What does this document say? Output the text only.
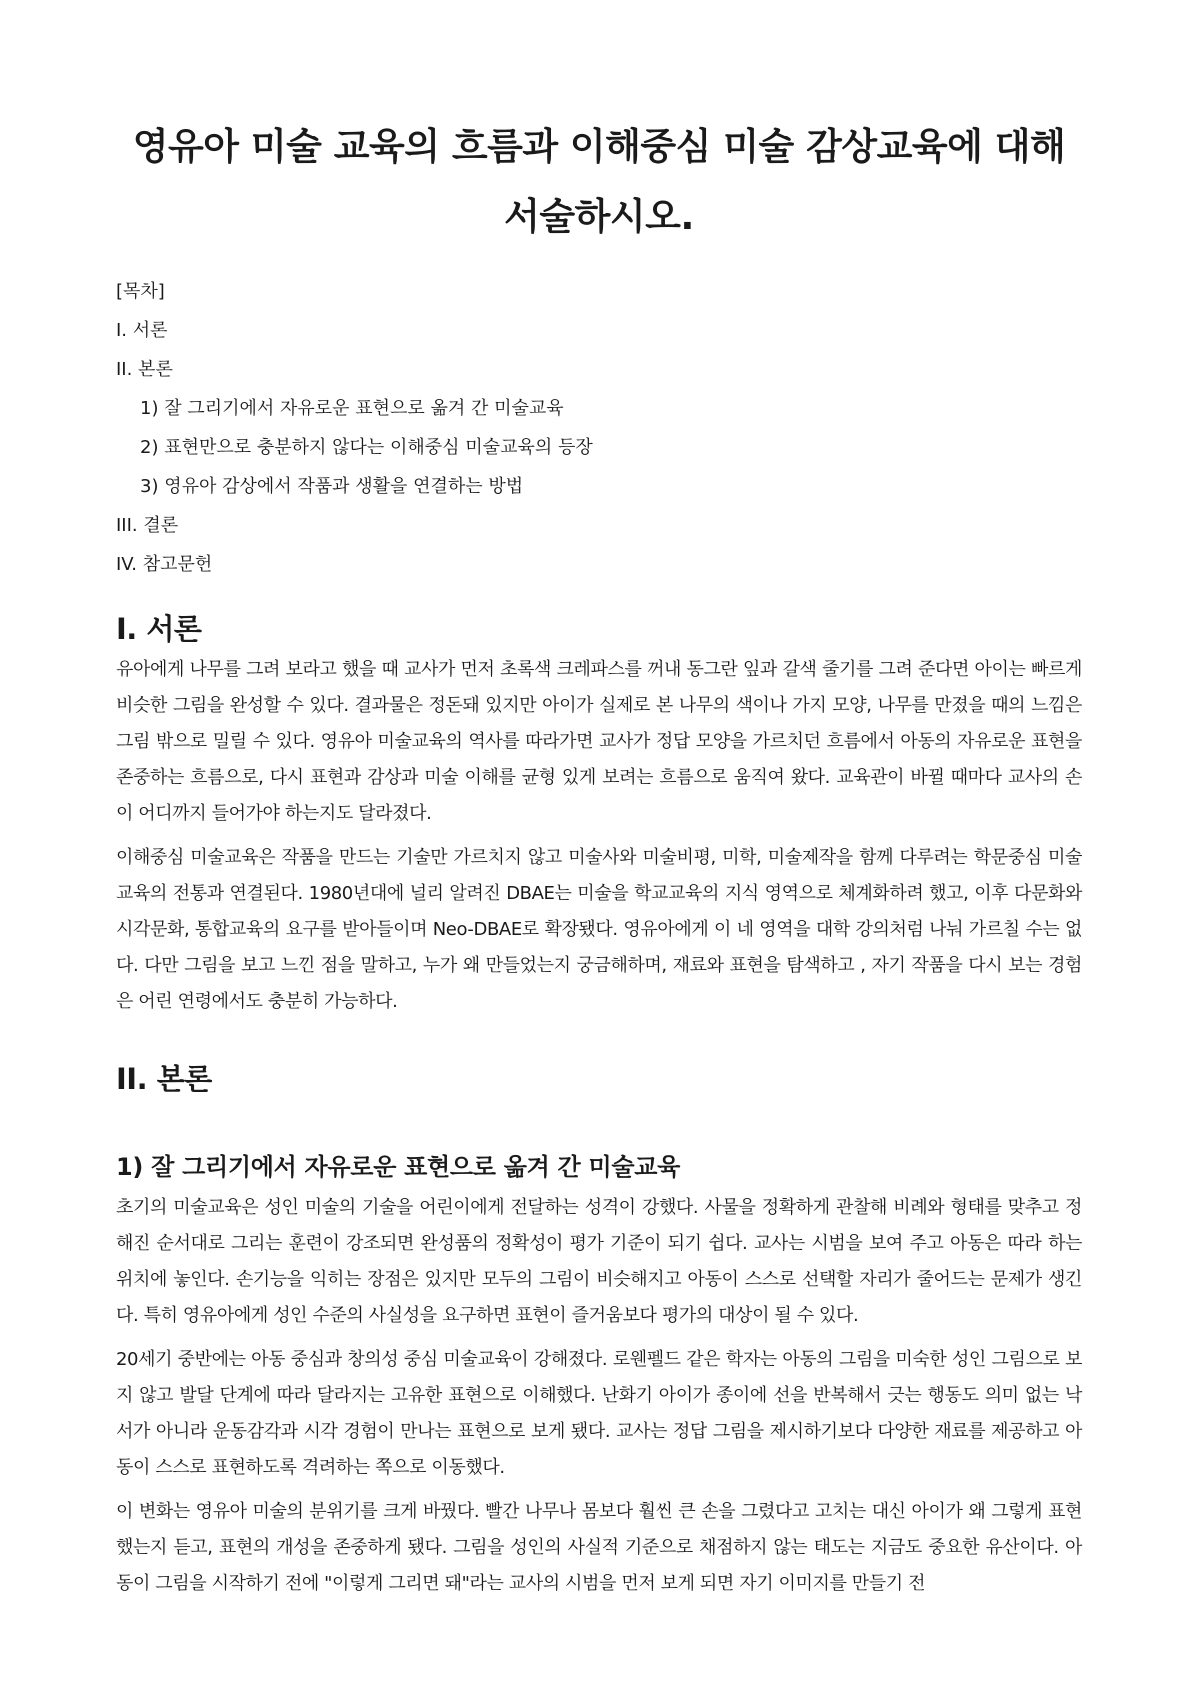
영유아 미술 교육의 흐름과 이해중심 미술 감상교육에 대해 서술하시오.
[목차]
I. 서론
II. 본론
1) 잘 그리기에서 자유로운 표현으로 옮겨 간 미술교육
2) 표현만으로 충분하지 않다는 이해중심 미술교육의 등장
3) 영유아 감상에서 작품과 생활을 연결하는 방법
III. 결론
IV. 참고문헌
I. 서론

유아에게 나무를 그려 보라고 했을 때 교사가 먼저 초록색 크레파스를 꺼내 동그란 잎과 갈색 줄기를 그려 준다면 아이는 빠르게 비슷한 그림을 완성할 수 있다. 결과물은 정돈돼 있지만 아이가 실제로 본 나무의 색이나 가지 모양, 나무를 만졌을 때의 느낌은 그림 밖으로 밀릴 수 있다. 영유아 미술교육의 역사를 따라가면 교사가 정답 모양을 가르치던 흐름에서 아동의 자유로운 표현을 존중하는 흐름으로, 다시 표현과 감상과 미술 이해를 균형 있게 보려는 흐름으로 움직여 왔다. 교육관이 바뀔 때마다 교사의 손이 어디까지 들어가야 하는지도 달라졌다.

이해중심 미술교육은 작품을 만드는 기술만 가르치지 않고 미술사와 미술비평, 미학, 미술제작을 함께 다루려는 학문중심 미술교육의 전통과 연결된다. 1980년대에 널리 알려진 DBAE는 미술을 학교교육의 지식 영역으로 체계화하려 했고, 이후 다문화와 시각문화, 통합교육의 요구를 받아들이며 Neo-DBAE로 확장됐다. 영유아에게 이 네 영역을 대학 강의처럼 나눠 가르칠 수는 없다. 다만 그림을 보고 느낀 점을 말하고, 누가 왜 만들었는지 궁금해하며, 재료와 표현을 탐색하고 , 자기 작품을 다시 보는 경험은 어린 연령에서도 충분히 가능하다.

II. 본론
1) 잘 그리기에서 자유로운 표현으로 옮겨 간 미술교육

초기의 미술교육은 성인 미술의 기술을 어린이에게 전달하는 성격이 강했다. 사물을 정확하게 관찰해 비례와 형태를 맞추고 정해진 순서대로 그리는 훈련이 강조되면 완성품의 정확성이 평가 기준이 되기 쉽다. 교사는 시범을 보여 주고 아동은 따라 하는 위치에 놓인다. 손기능을 익히는 장점은 있지만 모두의 그림이 비슷해지고 아동이 스스로 선택할 자리가 줄어드는 문제가 생긴다. 특히 영유아에게 성인 수준의 사실성을 요구하면 표현이 즐거움보다 평가의 대상이 될 수 있다.

20세기 중반에는 아동 중심과 창의성 중심 미술교육이 강해졌다. 로웬펠드 같은 학자는 아동의 그림을 미숙한 성인 그림으로 보지 않고 발달 단계에 따라 달라지는 고유한 표현으로 이해했다. 난화기 아이가 종이에 선을 반복해서 긋는 행동도 의미 없는 낙서가 아니라 운동감각과 시각 경험이 만나는 표현으로 보게 됐다. 교사는 정답 그림을 제시하기보다 다양한 재료를 제공하고 아동이 스스로 표현하도록 격려하는 쪽으로 이동했다.

이 변화는 영유아 미술의 분위기를 크게 바꿨다. 빨간 나무나 몸보다 훨씬 큰 손을 그렸다고 고치는 대신 아이가 왜 그렇게 표현했는지 듣고, 표현의 개성을 존중하게 됐다. 그림을 성인의 사실적 기준으로 채점하지 않는 태도는 지금도 중요한 유산이다. 아동이 그림을 시작하기 전에 "이렇게 그리면 돼"라는 교사의 시범을 먼저 보게 되면 자기 이미지를 만들기 전
